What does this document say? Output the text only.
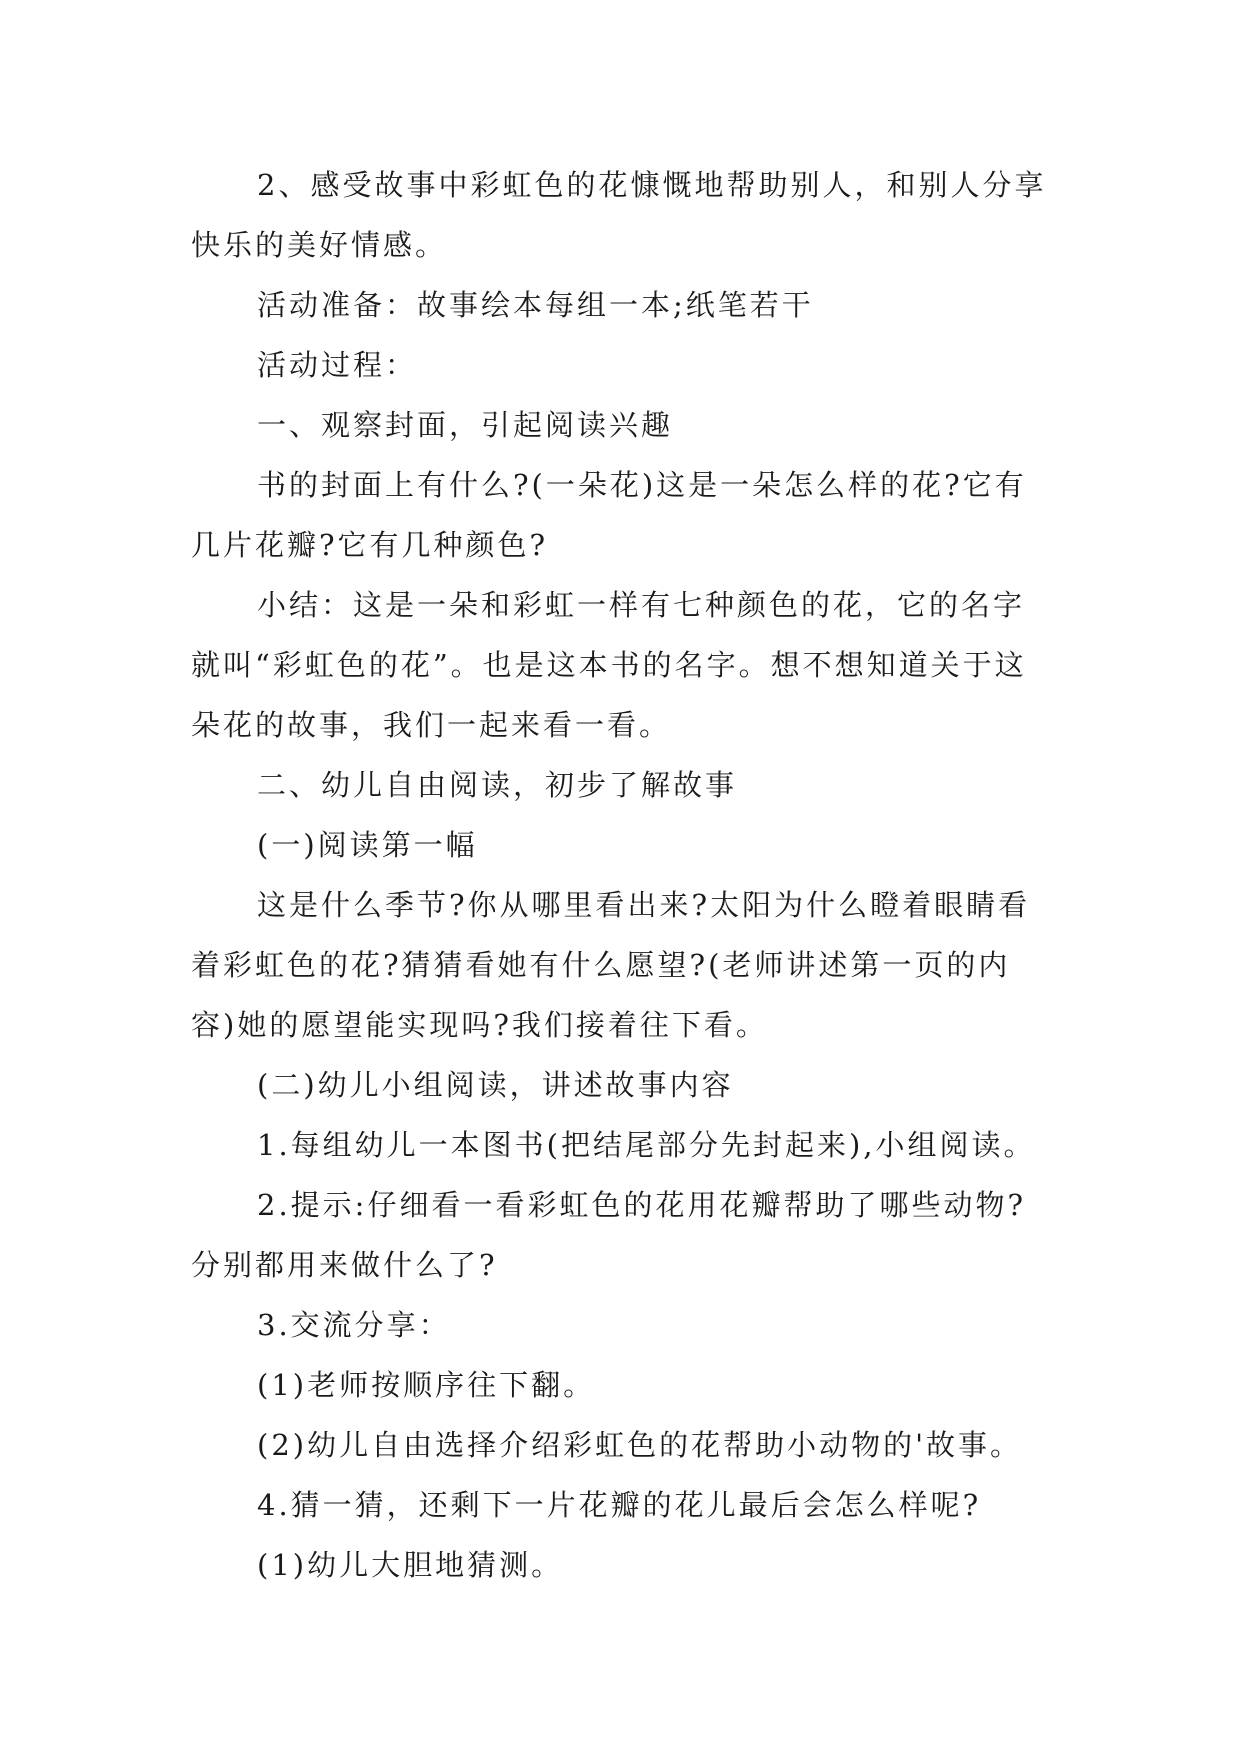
2、感受故事中彩虹色的花慷慨地帮助别人，和别人分享快乐的美好情感。

活动准备：故事绘本每组一本;纸笔若干

活动过程：

一、观察封面，引起阅读兴趣

书的封面上有什么?(一朵花)这是一朵怎么样的花?它有几片花瓣?它有几种颜色?

小结：这是一朵和彩虹一样有七种颜色的花，它的名字就叫“彩虹色的花”。也是这本书的名字。想不想知道关于这朵花的故事，我们一起来看一看。

二、幼儿自由阅读，初步了解故事

(一)阅读第一幅

这是什么季节?你从哪里看出来?太阳为什么瞪着眼睛看着彩虹色的花?猜猜看她有什么愿望?(老师讲述第一页的内容)她的愿望能实现吗?我们接着往下看。

(二)幼儿小组阅读，讲述故事内容

1.每组幼儿一本图书(把结尾部分先封起来),小组阅读。

2.提示:仔细看一看彩虹色的花用花瓣帮助了哪些动物?分别都用来做什么了?

3.交流分享：

(1)老师按顺序往下翻。

(2)幼儿自由选择介绍彩虹色的花帮助小动物的'故事。

4.猜一猜，还剩下一片花瓣的花儿最后会怎么样呢?

(1)幼儿大胆地猜测。
